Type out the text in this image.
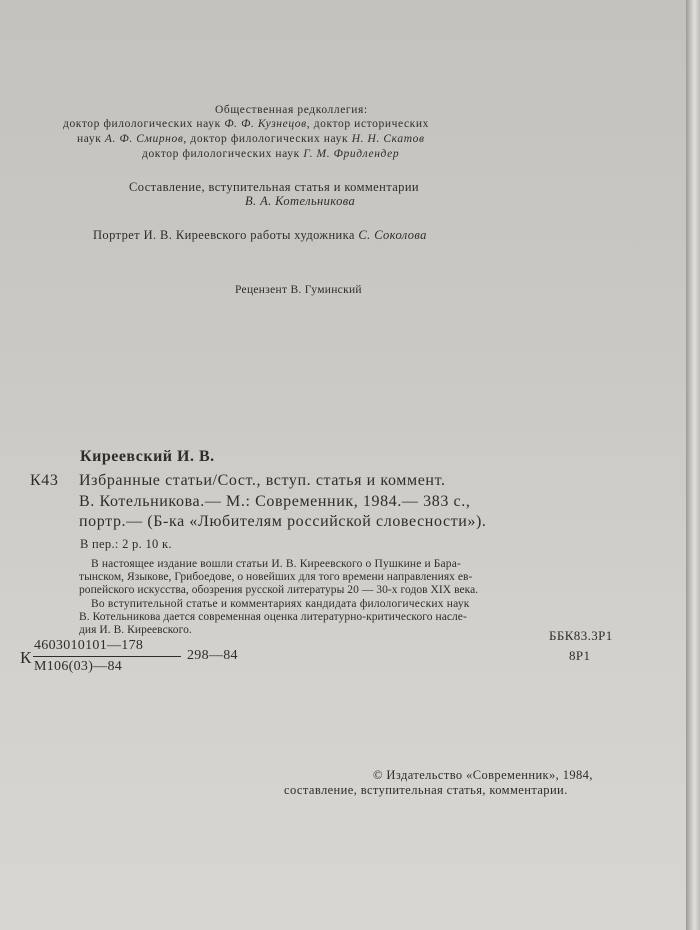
Общественная редколлегия:
доктор филологических наук Ф. Ф. Кузнецов, доктор исторических
наук А. Ф. Смирнов, доктор филологических наук Н. Н. Скатов
доктор филологических наук Г. М. Фридлендер
Составление, вступительная статья и комментарии
В. А. Котельникова
Портрет И. В. Киреевского работы художника С. Соколова
Рецензент В. Гуминский
Киреевский И. В.
К43 Избранные статьи/Сост., вступ. статья и коммент.
В. Котельникова.— М.: Современник, 1984.— 383 с.,
портр.— (Б-ка «Любителям российской словесности»).
В пер.: 2 р. 10 к.
В настоящее издание вошли статьи И. В. Киреевского о Пушкине и Бара-
тынском, Языкове, Грибоедове, о новейших для того времени направлениях ев-
ропейского искусства, обозрения русской литературы 20 — 30-х годов XIX века.
Во вступительной статье и комментариях кандидата филологических наук
В. Котельникова дается современная оценка литературно-критического насле-
дия И. В. Киреевского.
К
4603010101—178
М106(03)—84
298—84
ББК83.3Р1
8Р1
© Издательство «Современник», 1984,
составление, вступительная статья, комментарии.
